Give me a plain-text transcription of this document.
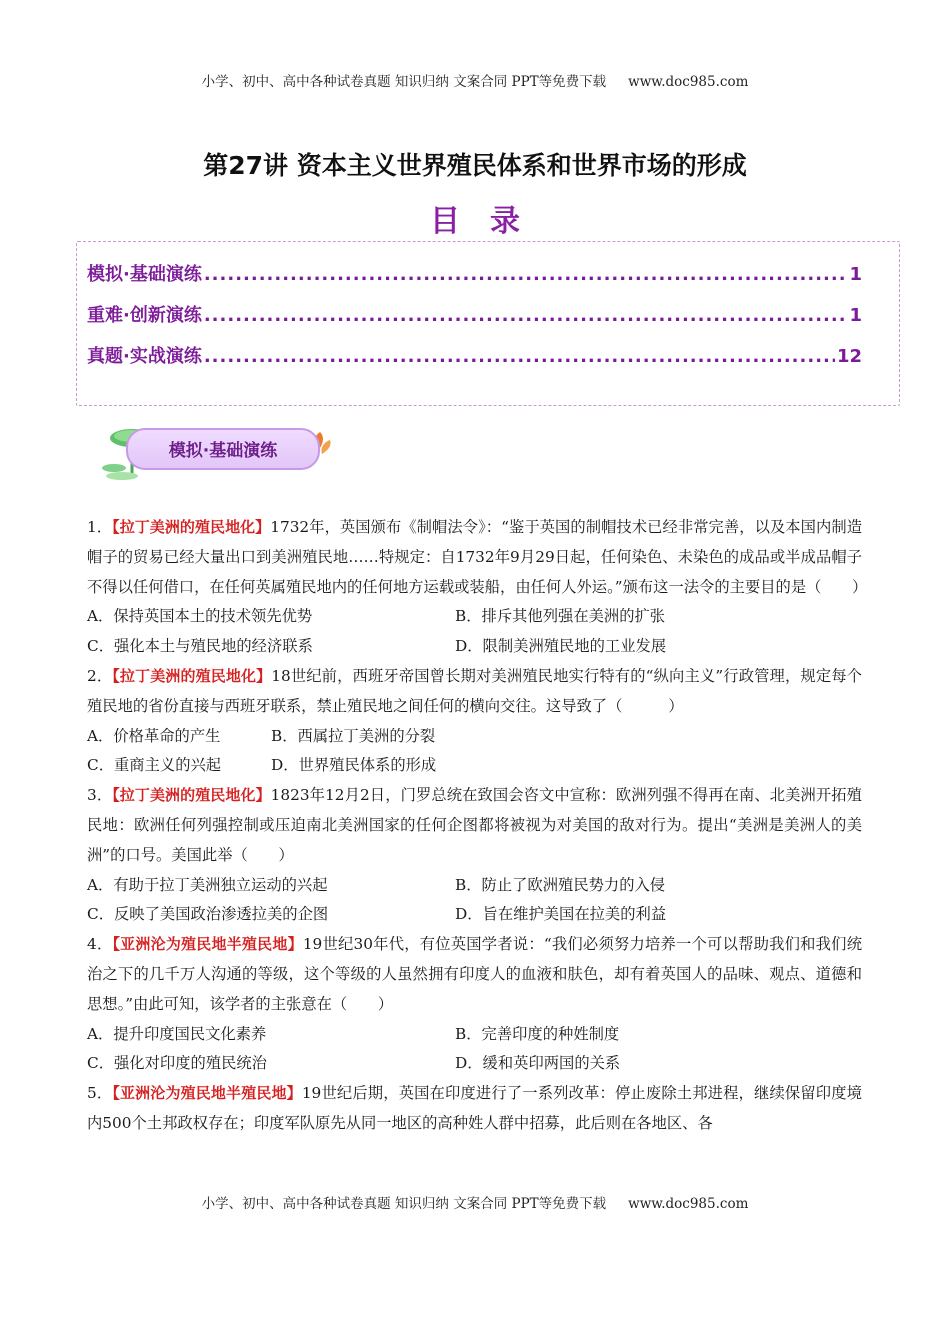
小学、初中、高中各种试卷真题 知识归纳 文案合同 PPT等免费下载 www.doc985.com
第27讲 资本主义世界殖民体系和世界市场的形成
目录
模拟·基础演练 .....	1
重难·创新演练 .....	1
真题·实战演练 .....	12
模拟·基础演练
1．【拉丁美洲的殖民地化】1732年，英国颁布《制帽法令》：“鉴于英国的制帽技术已经非常完善，以及本国内制造帽子的贸易已经大量出口到美洲殖民地……特规定：自1732年9月29日起，任何染色、未染色的成品或半成品帽子不得以任何借口，在任何英属殖民地内的任何地方运载或装船，由任何人外运。”颁布这一法令的主要目的是（　　）
A．保持英国本土的技术领先优势	B．排斥其他列强在美洲的扩张
C．强化本土与殖民地的经济联系	D．限制美洲殖民地的工业发展
2．【拉丁美洲的殖民地化】18世纪前，西班牙帝国曾长期对美洲殖民地实行特有的“纵向主义”行政管理，规定每个殖民地的省份直接与西班牙联系，禁止殖民地之间任何的横向交往。这导致了（　　　）
A．价格革命的产生	B．西属拉丁美洲的分裂
C．重商主义的兴起	D．世界殖民体系的形成
3．【拉丁美洲的殖民地化】1823年12月2日，门罗总统在致国会咨文中宣称：欧洲列强不得再在南、北美洲开拓殖民地：欧洲任何列强控制或压迫南北美洲国家的任何企图都将被视为对美国的敌对行为。提出“美洲是美洲人的美洲”的口号。美国此举（　　）
A．有助于拉丁美洲独立运动的兴起	B．防止了欧洲殖民势力的入侵
C．反映了美国政治渗透拉美的企图	D．旨在维护美国在拉美的利益
4．【亚洲沦为殖民地半殖民地】19世纪30年代，有位英国学者说：“我们必须努力培养一个可以帮助我们和我们统治之下的几千万人沟通的等级，这个等级的人虽然拥有印度人的血液和肤色，却有着英国人的品味、观点、道德和思想。”由此可知，该学者的主张意在（　　）
A．提升印度国民文化素养	B．完善印度的种姓制度
C．强化对印度的殖民统治	D．缓和英印两国的关系
5．【亚洲沦为殖民地半殖民地】19世纪后期，英国在印度进行了一系列改革：停止废除土邦进程，继续保留印度境内500个土邦政权存在；印度军队原先从同一地区的高种姓人群中招募，此后则在各地区、各
小学、初中、高中各种试卷真题 知识归纳 文案合同 PPT等免费下载 www.doc985.com
